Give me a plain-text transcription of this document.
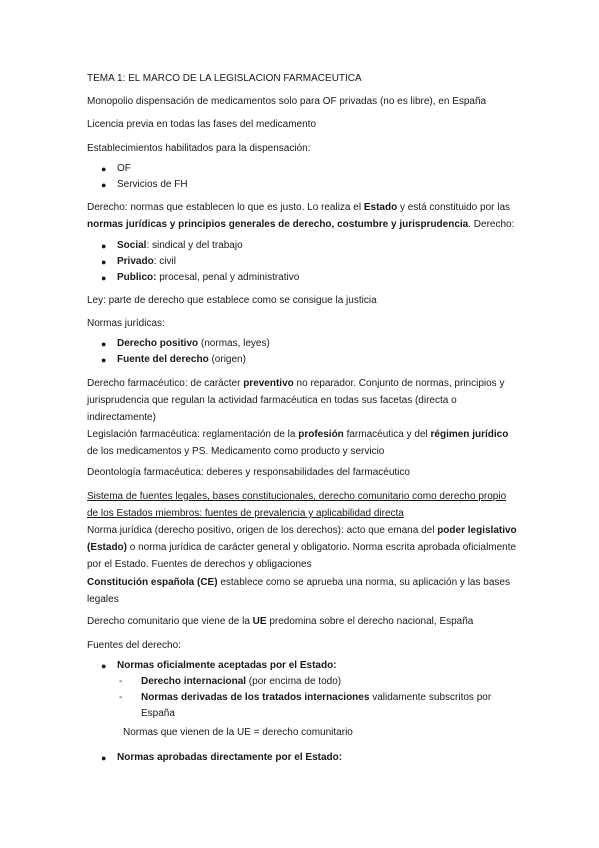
TEMA 1: EL MARCO DE LA LEGISLACION FARMACEUTICA

Monopolio dispensación de medicamentos solo para OF privadas (no es libre), en España

Licencia previa en todas las fases del medicamento

Establecimientos habilitados para la dispensación:

● OF
● Servicios de FH

Derecho: normas que establecen lo que es justo. Lo realiza el Estado y está constituido por las normas jurídicas y principios generales de derecho, costumbre y jurisprudencia. Derecho:

● Social: sindical y del trabajo
● Privado: civil
● Publico: procesal, penal y administrativo

Ley: parte de derecho que establece como se consigue la justicia

Normas jurídicas:

● Derecho positivo (normas, leyes)
● Fuente del derecho (origen)

Derecho farmacéutico: de carácter preventivo no reparador. Conjunto de normas, principios y jurisprudencia que regulan la actividad farmacéutica en todas sus facetas (directa o indirectamente)

Legislación farmacéutica: reglamentación de la profesión farmacéutica y del régimen jurídico de los medicamentos y PS. Medicamento como producto y servicio

Deontología farmacéutica: deberes y responsabilidades del farmacéutico

Sistema de fuentes legales, bases constitucionales, derecho comunitario como derecho propio de los Estados miembros: fuentes de prevalencia y aplicabilidad directa

Norma jurídica (derecho positivo, origen de los derechos): acto que emana del poder legislativo (Estado) o norma jurídica de carácter general y obligatorio. Norma escrita aprobada oficialmente por el Estado. Fuentes de derechos y obligaciones

Constitución española (CE) establece como se aprueba una norma, su aplicación y las bases legales

Derecho comunitario que viene de la UE predomina sobre el derecho nacional, España

Fuentes del derecho:

● Normas oficialmente aceptadas por el Estado:
- Derecho internacional (por encima de todo)
- Normas derivadas de los tratados internaciones validamente subscritos por España

Normas que vienen de la UE = derecho comunitario

● Normas aprobadas directamente por el Estado:
